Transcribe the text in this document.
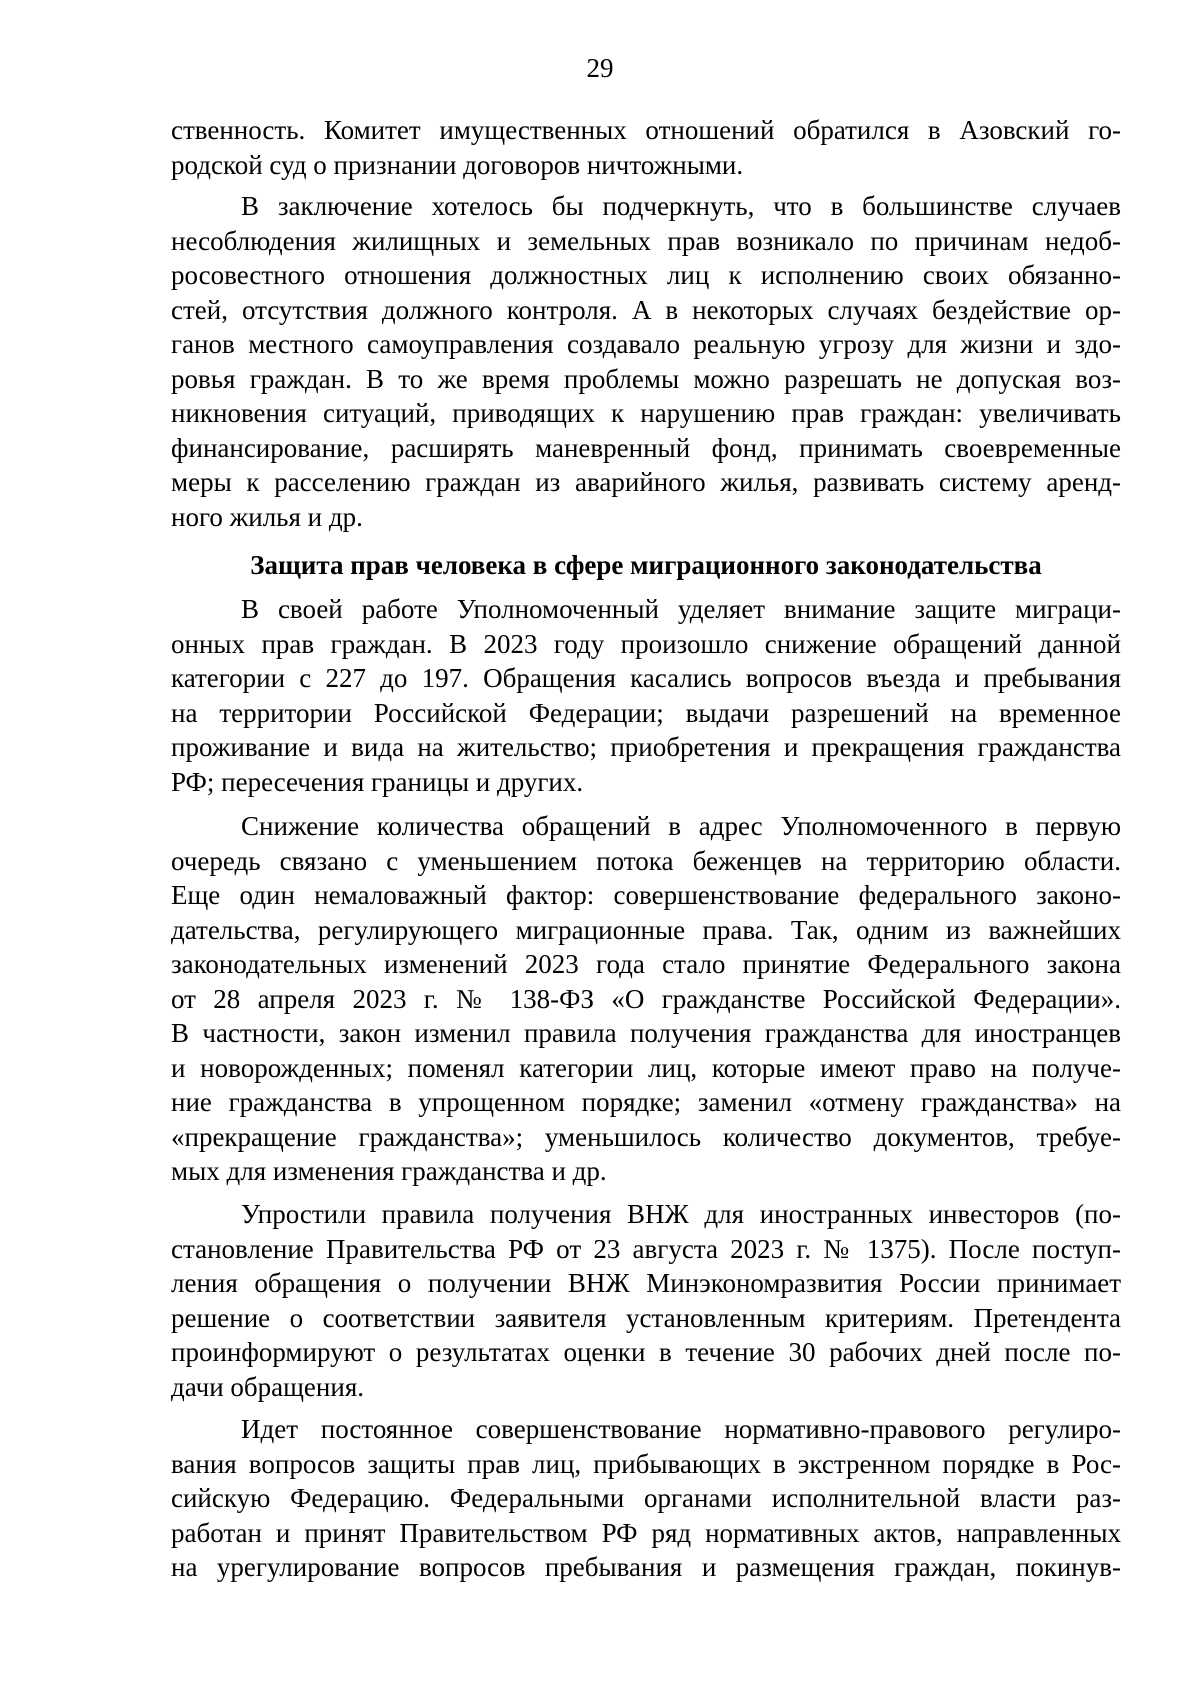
29
ственность. Комитет имущественных отношений обратился в Азовский го-
родской суд о признании договоров ничтожными.
В заключение хотелось бы подчеркнуть, что в большинстве случаев
несоблюдения жилищных и земельных прав возникало по причинам недоб-
росовестного отношения должностных лиц к исполнению своих обязанно-
стей, отсутствия должного контроля. А в некоторых случаях бездействие ор-
ганов местного самоуправления создавало реальную угрозу для жизни и здо-
ровья граждан. В то же время проблемы можно разрешать не допуская воз-
никновения ситуаций, приводящих к нарушению прав граждан: увеличивать
финансирование, расширять маневренный фонд, принимать своевременные
меры к расселению граждан из аварийного жилья, развивать систему аренд-
ного жилья и др.
Защита прав человека в сфере миграционного законодательства
В своей работе Уполномоченный уделяет внимание защите миграци-
онных прав граждан. В 2023 году произошло снижение обращений данной
категории с 227 до 197. Обращения касались вопросов въезда и пребывания
на территории Российской Федерации; выдачи разрешений на временное
проживание и вида на жительство; приобретения и прекращения гражданства
РФ; пересечения границы и других.
Снижение количества обращений в адрес Уполномоченного в первую
очередь связано с уменьшением потока беженцев на территорию области.
Еще один немаловажный фактор: совершенствование федерального законо-
дательства, регулирующего миграционные права. Так, одним из важнейших
законодательных изменений 2023 года стало принятие Федерального закона
от 28 апреля 2023 г. № 138-ФЗ «О гражданстве Российской Федерации».
В частности, закон изменил правила получения гражданства для иностранцев
и новорожденных; поменял категории лиц, которые имеют право на получе-
ние гражданства в упрощенном порядке; заменил «отмену гражданства» на
«прекращение гражданства»; уменьшилось количество документов, требуе-
мых для изменения гражданства и др.
Упростили правила получения ВНЖ для иностранных инвесторов (по-
становление Правительства РФ от 23 августа 2023 г. № 1375). После поступ-
ления обращения о получении ВНЖ Минэкономразвития России принимает
решение о соответствии заявителя установленным критериям. Претендента
проинформируют о результатах оценки в течение 30 рабочих дней после по-
дачи обращения.
Идет постоянное совершенствование нормативно-правового регулиро-
вания вопросов защиты прав лиц, прибывающих в экстренном порядке в Рос-
сийскую Федерацию. Федеральными органами исполнительной власти раз-
работан и принят Правительством РФ ряд нормативных актов, направленных
на урегулирование вопросов пребывания и размещения граждан, покинув-
